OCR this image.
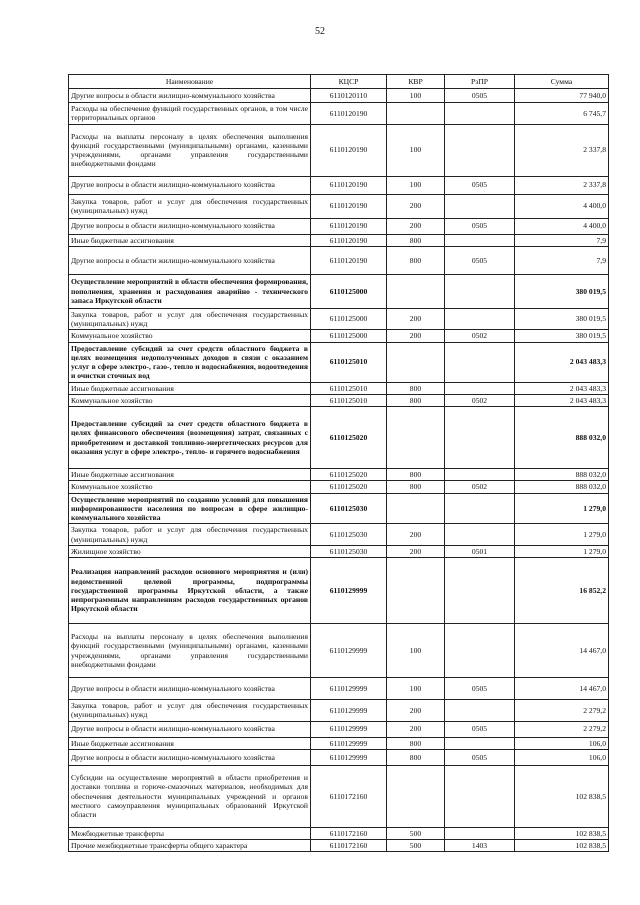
52
Наименование	КЦСР	КВР	РзПР	Сумма
Другие вопросы в области жилищно-коммунального хозяйства	6110120110	100	0505	77 940,0
Расходы на обеспечение функций государственных органов, в том числе территориальных органов	6110120190			6 745,7
Расходы на выплаты персоналу в целях обеспечения выполнения функций государственными (муниципальными) органами, казенными учреждениями, органами управления государственными внебюджетными фондами	6110120190	100		2 337,8
Другие вопросы в области жилищно-коммунального хозяйства	6110120190	100	0505	2 337,8
Закупка товаров, работ и услуг для обеспечения государственных (муниципальных) нужд	6110120190	200		4 400,0
Другие вопросы в области жилищно-коммунального хозяйства	6110120190	200	0505	4 400,0
Иные бюджетные ассигнования	6110120190	800		7,9
Другие вопросы в области жилищно-коммунального хозяйства	6110120190	800	0505	7,9
Осуществление мероприятий в области обеспечения формирования, пополнения, хранения и расходования аварийно - технического запаса Иркутской области	6110125000			380 019,5
Закупка товаров, работ и услуг для обеспечения государственных (муниципальных) нужд	6110125000	200		380 019,5
Коммунальное хозяйство	6110125000	200	0502	380 019,5
Предоставление субсидий за счет средств областного бюджета в целях возмещения недополученных доходов в связи с оказанием услуг в сфере электро-, газо-, тепло и водоснабжения, водоотведения и очистки сточных вод	6110125010			2 043 483,3
Иные бюджетные ассигнования	6110125010	800		2 043 483,3
Коммунальное хозяйство	6110125010	800	0502	2 043 483,3
Предоставление субсидий за счет средств областного бюджета в целях финансового обеспечения (возмещения) затрат, связанных с приобретением и доставкой топливно-энергетических ресурсов для оказания услуг в сфере электро-, тепло- и горячего водоснабжения	6110125020			888 032,0
Иные бюджетные ассигнования	6110125020	800		888 032,0
Коммунальное хозяйство	6110125020	800	0502	888 032,0
Осуществление мероприятий по созданию условий для повышения информированности населения по вопросам в сфере жилищно-коммунального хозяйства	6110125030			1 279,0
Закупка товаров, работ и услуг для обеспечения государственных (муниципальных) нужд	6110125030	200		1 279,0
Жилищное хозяйство	6110125030	200	0501	1 279,0
Реализация направлений расходов основного мероприятия и (или) ведомственной целевой программы, подпрограммы государственной программы Иркутской области, а также непрограммным направлениям расходов государственных органов Иркутской области	6110129999			16 852,2
Расходы на выплаты персоналу в целях обеспечения выполнения функций государственными (муниципальными) органами, казенными учреждениями, органами управления государственными внебюджетными фондами	6110129999	100		14 467,0
Другие вопросы в области жилищно-коммунального хозяйства	6110129999	100	0505	14 467,0
Закупка товаров, работ и услуг для обеспечения государственных (муниципальных) нужд	6110129999	200		2 279,2
Другие вопросы в области жилищно-коммунального хозяйства	6110129999	200	0505	2 279,2
Иные бюджетные ассигнования	6110129999	800		106,0
Другие вопросы в области жилищно-коммунального хозяйства	6110129999	800	0505	106,0
Субсидии на осуществление мероприятий в области приобретения и доставки топлива и горюче-смазочных материалов, необходимых для обеспечения деятельности муниципальных учреждений и органов местного самоуправления муниципальных образований Иркутской области	6110172160			102 838,5
Межбюджетные трансферты	6110172160	500		102 838,5
Прочие межбюджетные трансферты общего характера	6110172160	500	1403	102 838,5
